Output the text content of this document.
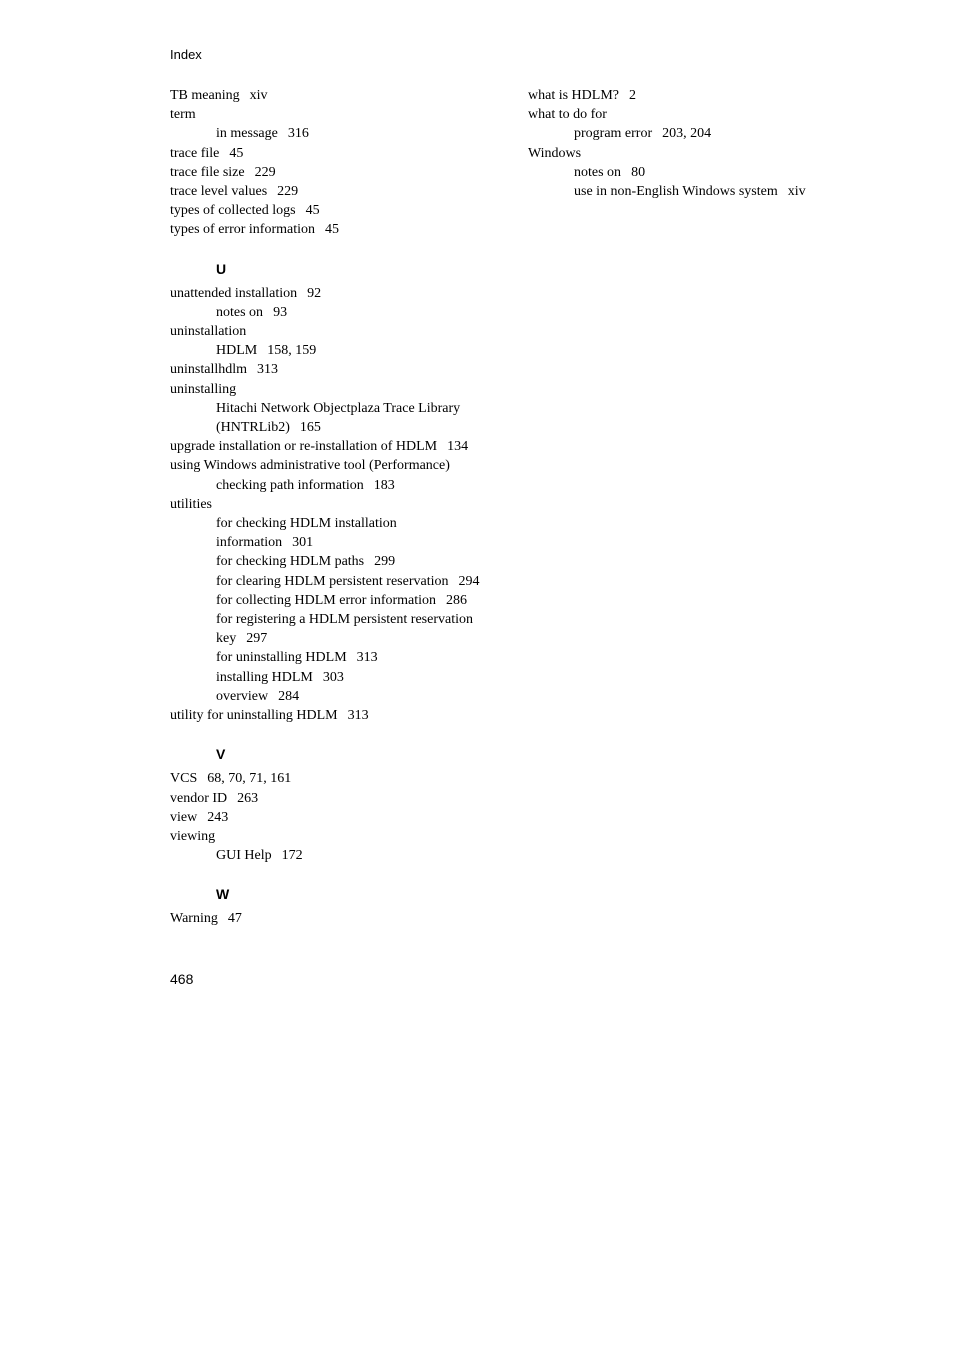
Index

TB meaning xiv

term

in message 316

trace file 45

trace file size 229

trace level values 229

types of collected logs 45

types of error information 45

U

unattended installation 92

notes on 93

uninstallation

HDLM 158, 159

uninstallhdlm 313

uninstalling

Hitachi Network Objectplaza Trace Library

(HNTRLib2) 165

upgrade installation or re-installation of HDLM 134

using Windows administrative tool (Performance)

checking path information 183

utilities

for checking HDLM installation

information 301

for checking HDLM paths 299

for clearing HDLM persistent reservation 294

for collecting HDLM error information 286

for registering a HDLM persistent reservation

key 297

for uninstalling HDLM 313

installing HDLM 303

overview 284

utility for uninstalling HDLM 313

V

VCS 68, 70, 71, 161

vendor ID 263

view 243

viewing

GUI Help 172

W

Warning 47

what is HDLM? 2

what to do for

program error 203, 204

Windows

notes on 80

use in non-English Windows system xiv

468
